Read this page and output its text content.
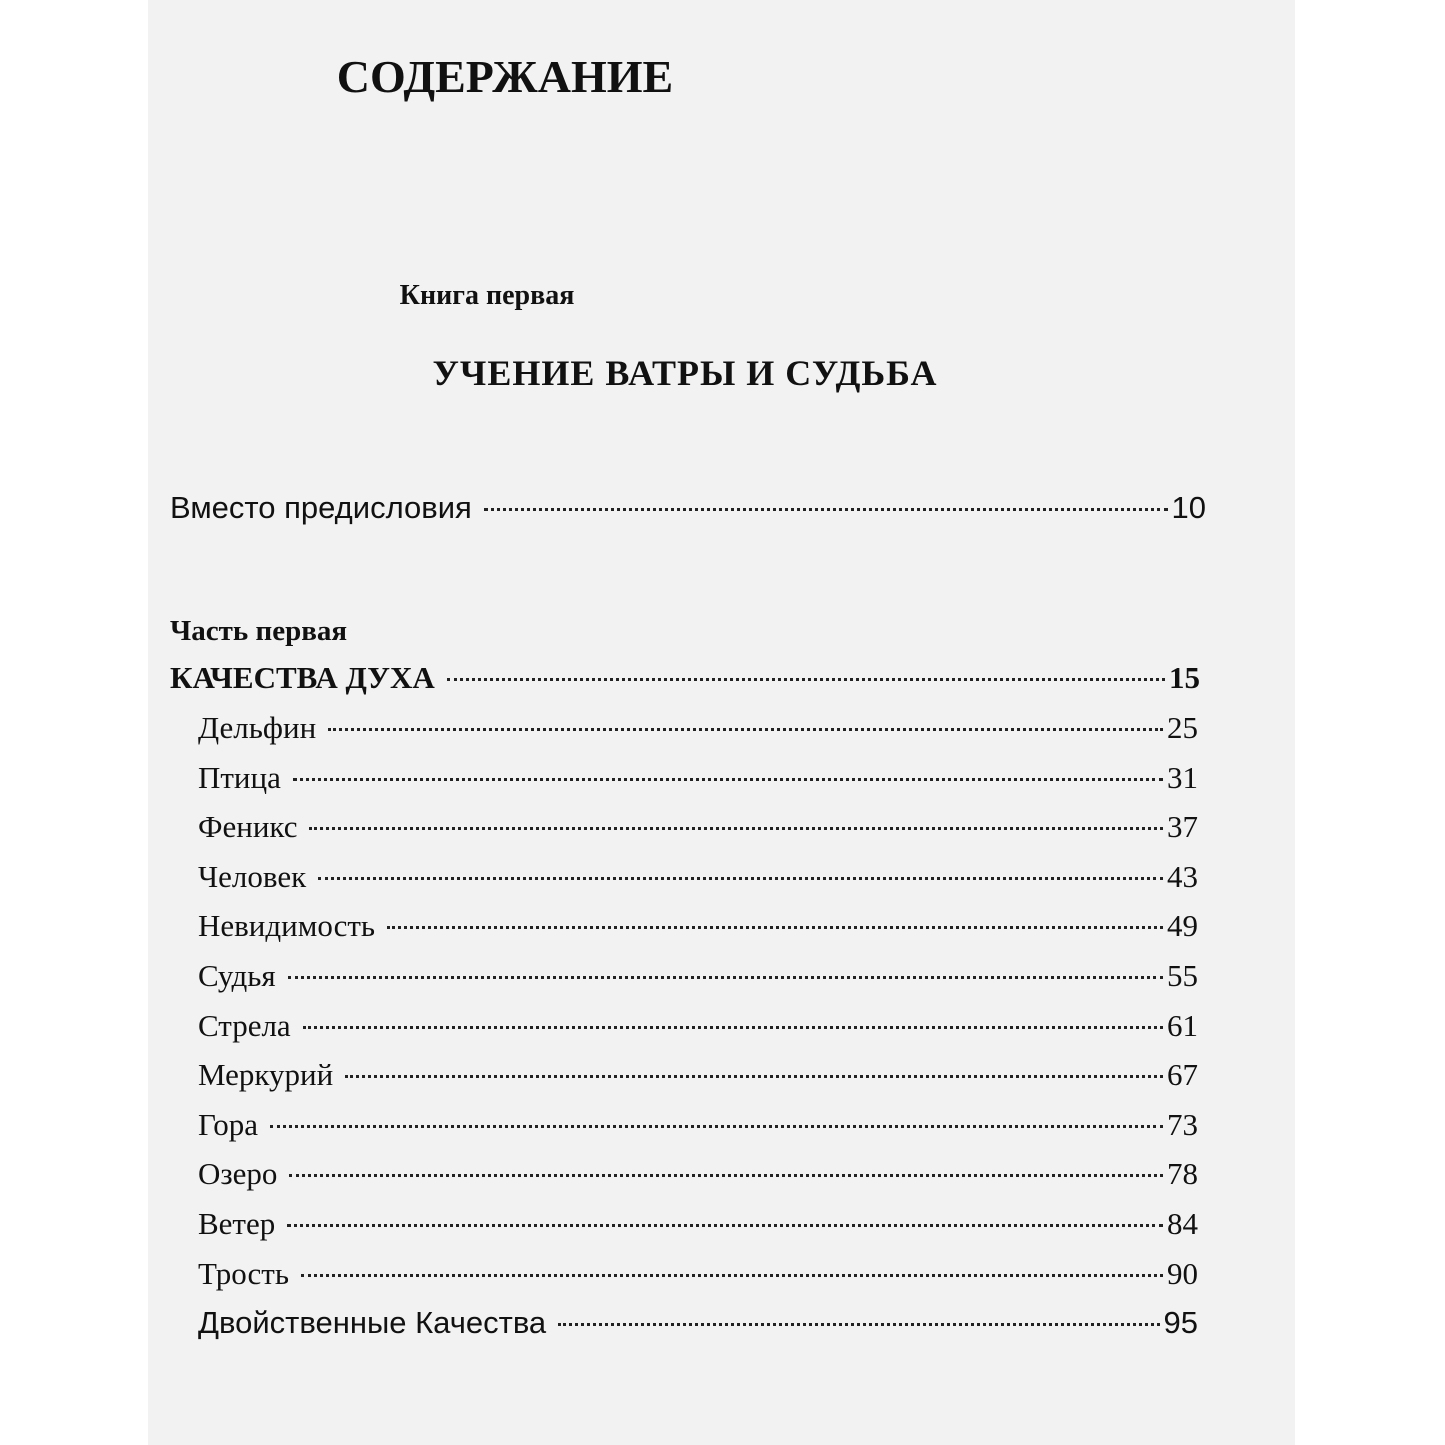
СОДЕРЖАНИЕ
Книга первая
УЧЕНИЕ ВАТРЫ И СУДЬБА
Вместо предисловия	10
Часть первая
КАЧЕСТВА ДУХА	15
Дельфин	25
Птица	31
Феникс	37
Человек	43
Невидимость	49
Судья	55
Стрела	61
Меркурий	67
Гора	73
Озеро	78
Ветер	84
Трость	90
Двойственные Качества	95
